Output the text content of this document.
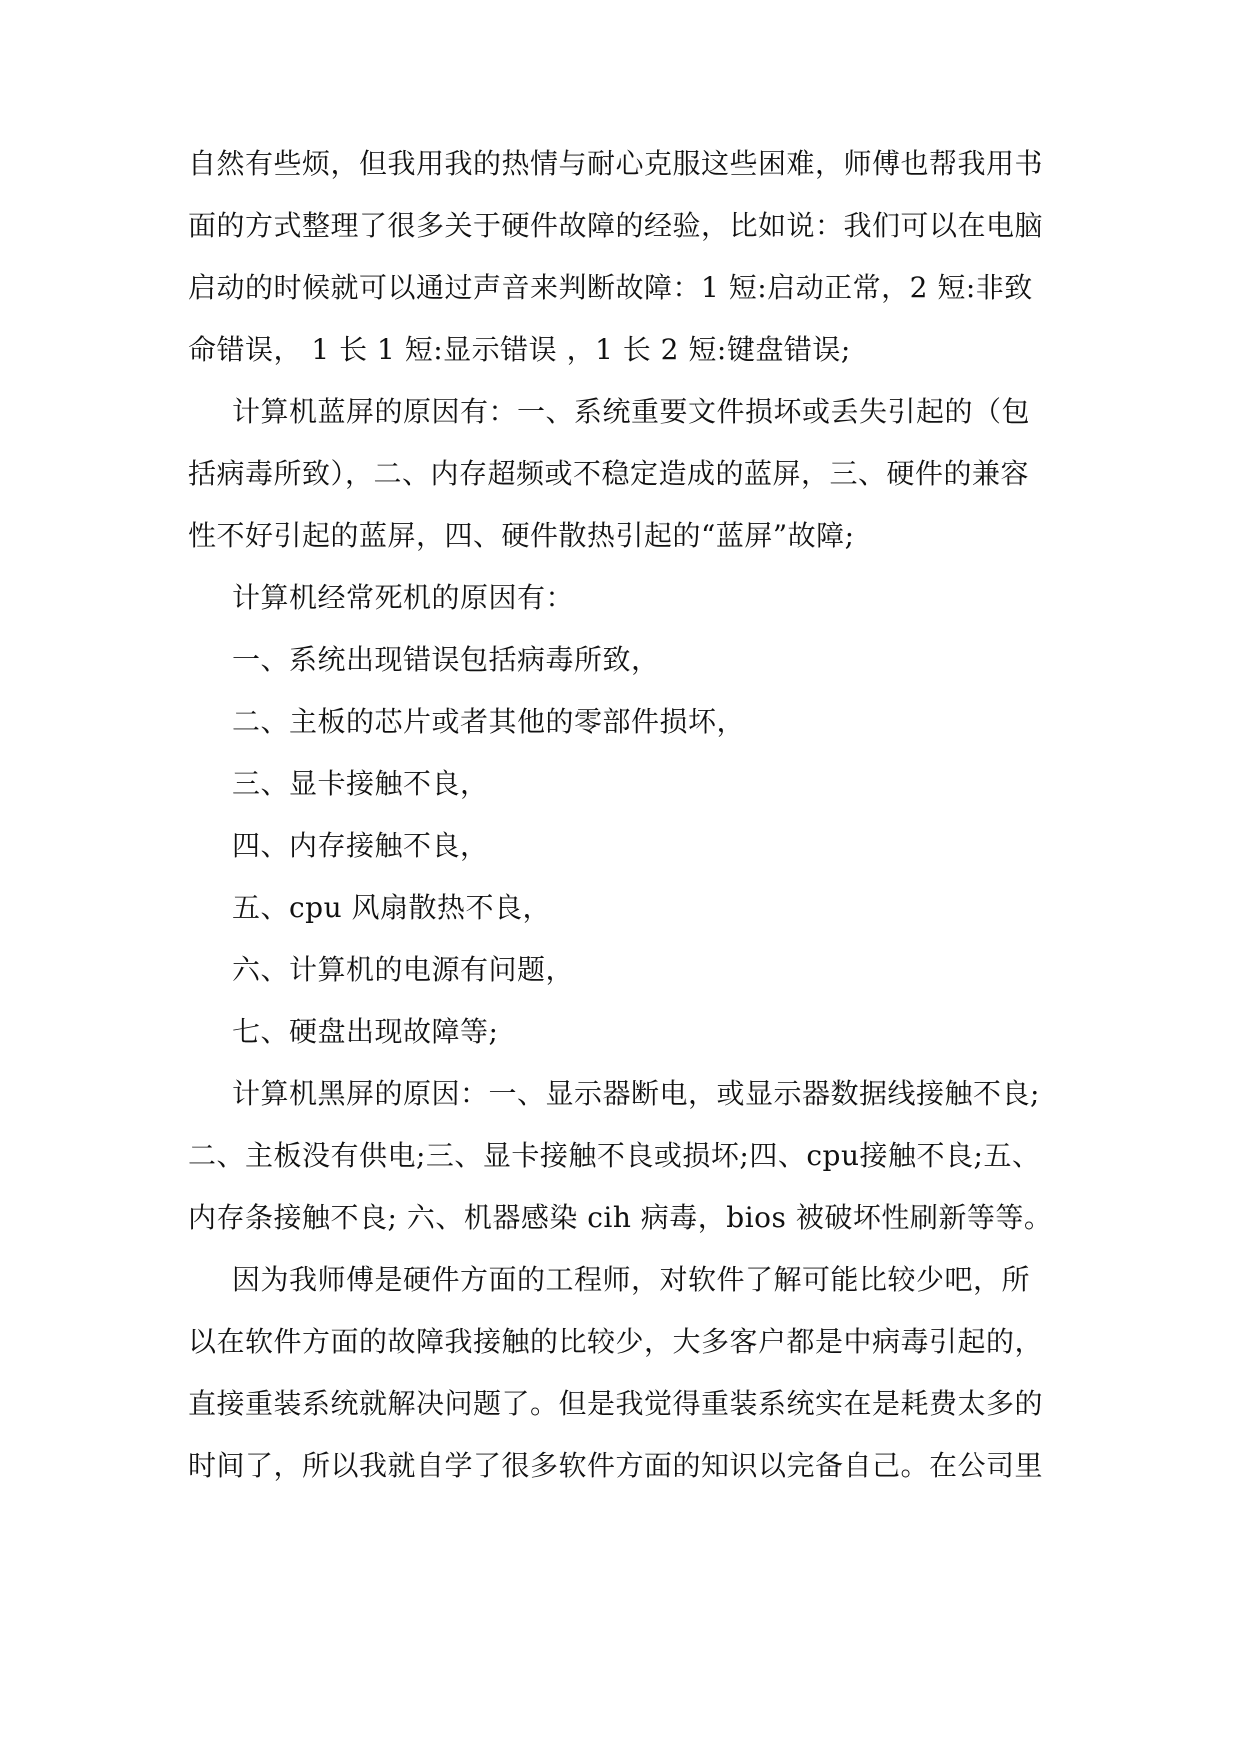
自然有些烦，但我用我的热情与耐心克服这些困难，师傅也帮我用书
面的方式整理了很多关于硬件故障的经验，比如说：我们可以在电脑
启动的时候就可以通过声音来判断故障：1 短:启动正常，2 短:非致
命错误， 1 长 1 短:显示错误 ，1 长 2 短:键盘错误;
计算机蓝屏的原因有：一、系统重要文件损坏或丢失引起的（包
括病毒所致），二、内存超频或不稳定造成的蓝屏，三、硬件的兼容
性不好引起的蓝屏，四、硬件散热引起的“蓝屏”故障;
计算机经常死机的原因有：
一、系统出现错误包括病毒所致，
二、主板的芯片或者其他的零部件损坏，
三、显卡接触不良，
四、内存接触不良，
五、cpu 风扇散热不良，
六、计算机的电源有问题，
七、硬盘出现故障等;
计算机黑屏的原因：一、显示器断电，或显示器数据线接触不良;
二、主板没有供电;三、显卡接触不良或损坏;四、cpu接触不良;五、
内存条接触不良; 六、机器感染 cih 病毒，bios 被破坏性刷新等等。
因为我师傅是硬件方面的工程师，对软件了解可能比较少吧，所
以在软件方面的故障我接触的比较少，大多客户都是中病毒引起的，
直接重装系统就解决问题了。但是我觉得重装系统实在是耗费太多的
时间了，所以我就自学了很多软件方面的知识以完备自己。在公司里
